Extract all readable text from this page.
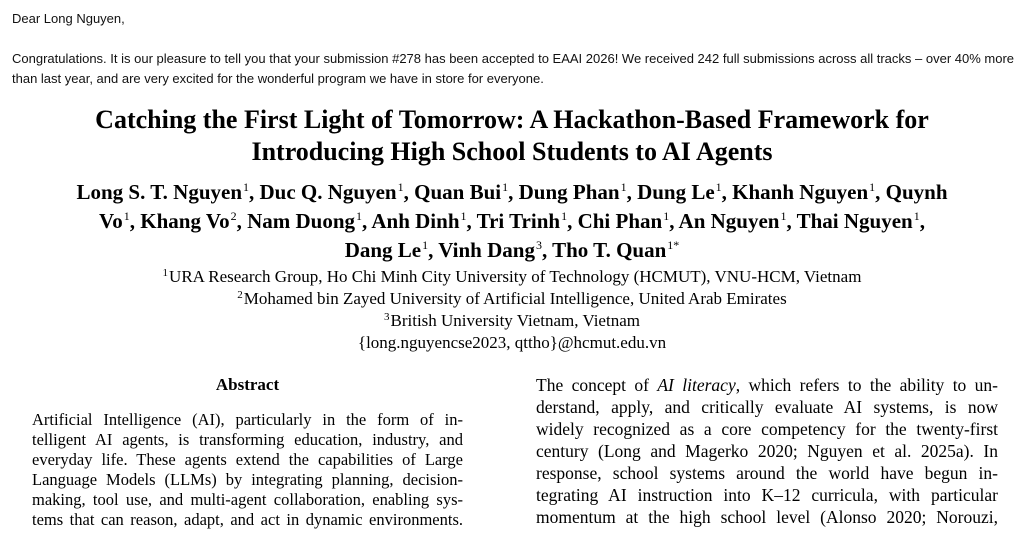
Dear Long Nguyen,
Congratulations. It is our pleasure to tell you that your submission #278 has been accepted to EAAI 2026! We received 242 full submissions across all tracks – over 40% more than last year, and are very excited for the wonderful program we have in store for everyone.
Catching the First Light of Tomorrow: A Hackathon-Based Framework for
Introducing High School Students to AI Agents
Long S. T. Nguyen$^1$, Duc Q. Nguyen$^1$, Quan Bui$^1$, Dung Phan$^1$, Dung Le$^1$, Khanh Nguyen$^1$, Quynh
Vo$^1$, Khang Vo$^2$, Nam Duong$^1$, Anh Dinh$^1$, Tri Trinh$^1$, Chi Phan$^1$, An Nguyen$^1$, Thai Nguyen$^1$,
Dang Le$^1$, Vinh Dang$^3$, Tho T. Quan$^{1*}$
$^1$URA Research Group, Ho Chi Minh City University of Technology (HCMUT), VNU-HCM, Vietnam
$^2$Mohamed bin Zayed University of Artificial Intelligence, United Arab Emirates
$^3$British University Vietnam, Vietnam
{long.nguyencse2023, qttho}@hcmut.edu.vn
Abstract
Artificial Intelligence (AI), particularly in the form of in-
telligent AI agents, is transforming education, industry, and
everyday life. These agents extend the capabilities of Large
Language Models (LLMs) by integrating planning, decision-
making, tool use, and multi-agent collaboration, enabling sys-
tems that can reason, adapt, and act in dynamic environments.
The concept of AI literacy, which refers to the ability to un-
derstand, apply, and critically evaluate AI systems, is now
widely recognized as a core competency for the twenty-first
century (Long and Magerko 2020; Nguyen et al. 2025a). In
response, school systems around the world have begun in-
tegrating AI instruction into K–12 curricula, with particular
momentum at the high school level (Alonso 2020; Norouzi,
